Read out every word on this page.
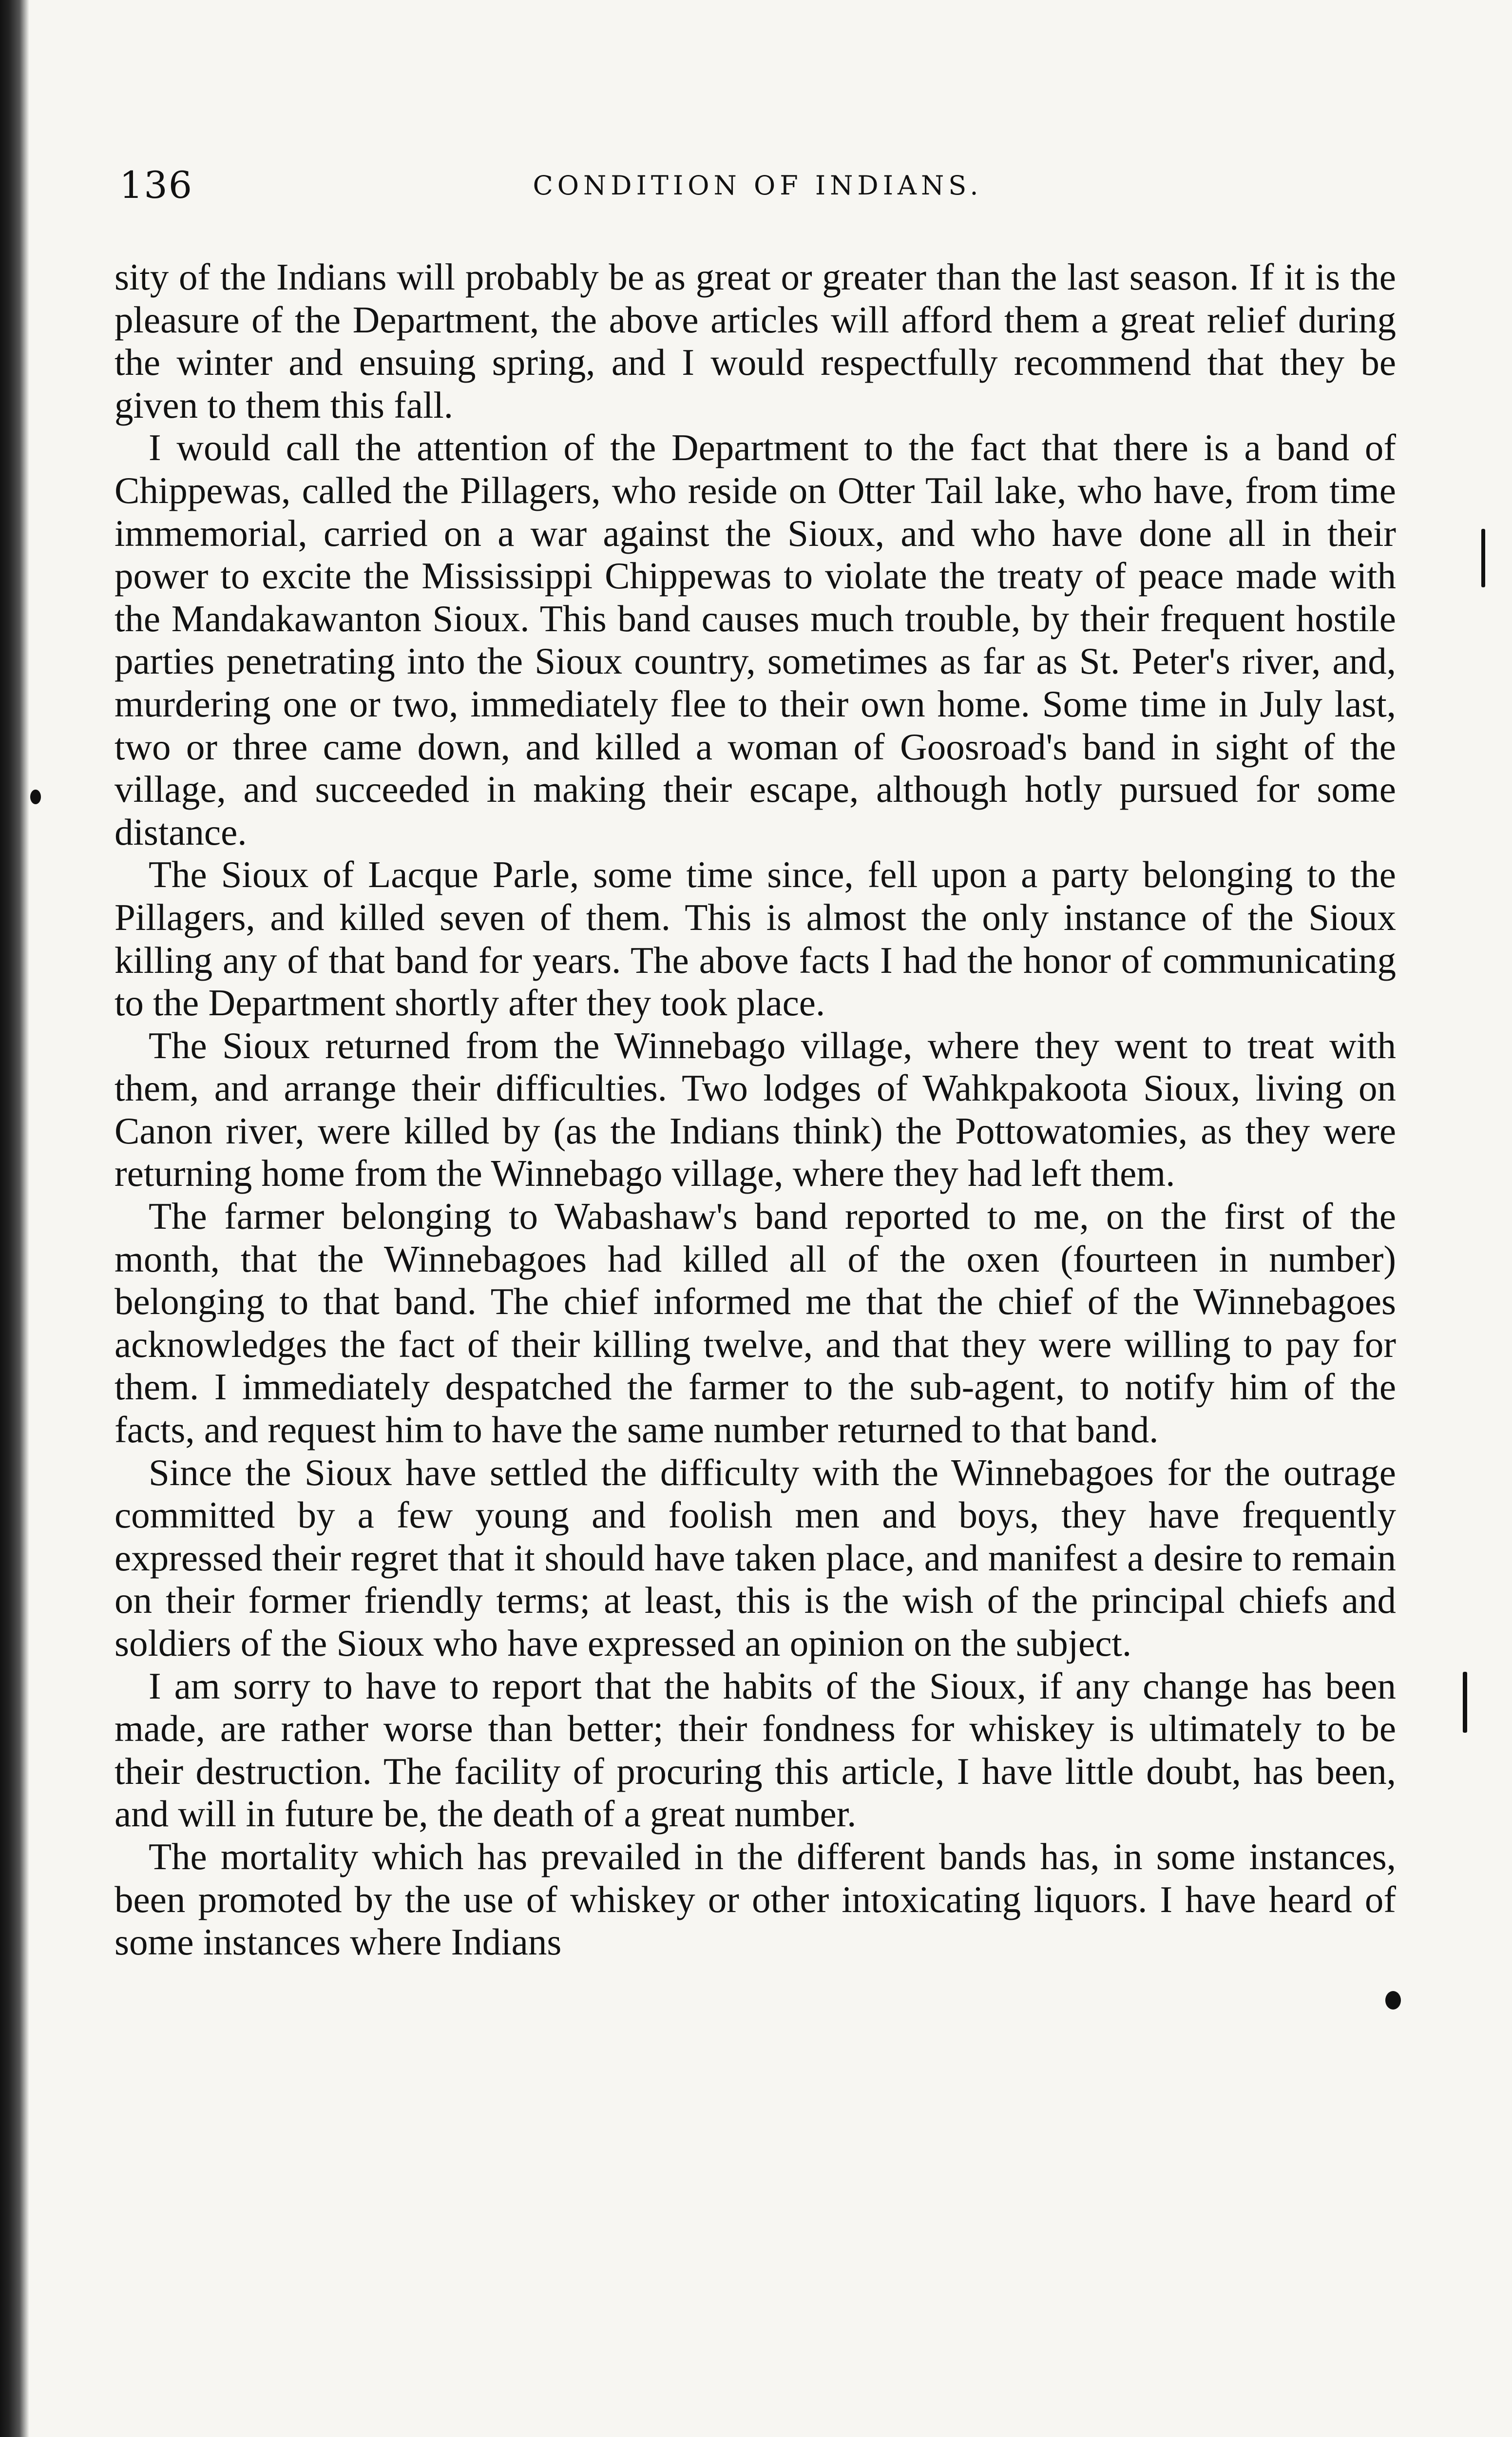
136	CONDITION OF INDIANS.

sity of the Indians will probably be as great or greater than the last season. If it is the pleasure of the Department, the above articles will afford them a great relief during the winter and ensuing spring, and I would respectfully recommend that they be given to them this fall.

I would call the attention of the Department to the fact that there is a band of Chippewas, called the Pillagers, who reside on Otter Tail lake, who have, from time immemorial, carried on a war against the Sioux, and who have done all in their power to excite the Mississippi Chippewas to violate the treaty of peace made with the Mandakawanton Sioux. This band causes much trouble, by their frequent hostile parties penetrating into the Sioux country, sometimes as far as St. Peter's river, and, murdering one or two, immediately flee to their own home. Some time in July last, two or three came down, and killed a woman of Goosroad's band in sight of the village, and succeeded in making their escape, although hotly pursued for some distance.

The Sioux of Lacque Parle, some time since, fell upon a party belonging to the Pillagers, and killed seven of them. This is almost the only instance of the Sioux killing any of that band for years. The above facts I had the honor of communicating to the Department shortly after they took place.

The Sioux returned from the Winnebago village, where they went to treat with them, and arrange their difficulties. Two lodges of Wahkpakoota Sioux, living on Canon river, were killed by (as the Indians think) the Pottowatomies, as they were returning home from the Winnebago village, where they had left them.

The farmer belonging to Wabashaw's band reported to me, on the first of the month, that the Winnebagoes had killed all of the oxen (fourteen in number) belonging to that band. The chief informed me that the chief of the Winnebagoes acknowledges the fact of their killing twelve, and that they were willing to pay for them. I immediately despatched the farmer to the sub-agent, to notify him of the facts, and request him to have the same number returned to that band.

Since the Sioux have settled the difficulty with the Winnebagoes for the outrage committed by a few young and foolish men and boys, they have frequently expressed their regret that it should have taken place, and manifest a desire to remain on their former friendly terms; at least, this is the wish of the principal chiefs and soldiers of the Sioux who have expressed an opinion on the subject.

I am sorry to have to report that the habits of the Sioux, if any change has been made, are rather worse than better; their fondness for whiskey is ultimately to be their destruction. The facility of procuring this article, I have little doubt, has been, and will in future be, the death of a great number.

The mortality which has prevailed in the different bands has, in some instances, been promoted by the use of whiskey or other intoxicating liquors. I have heard of some instances where Indians
